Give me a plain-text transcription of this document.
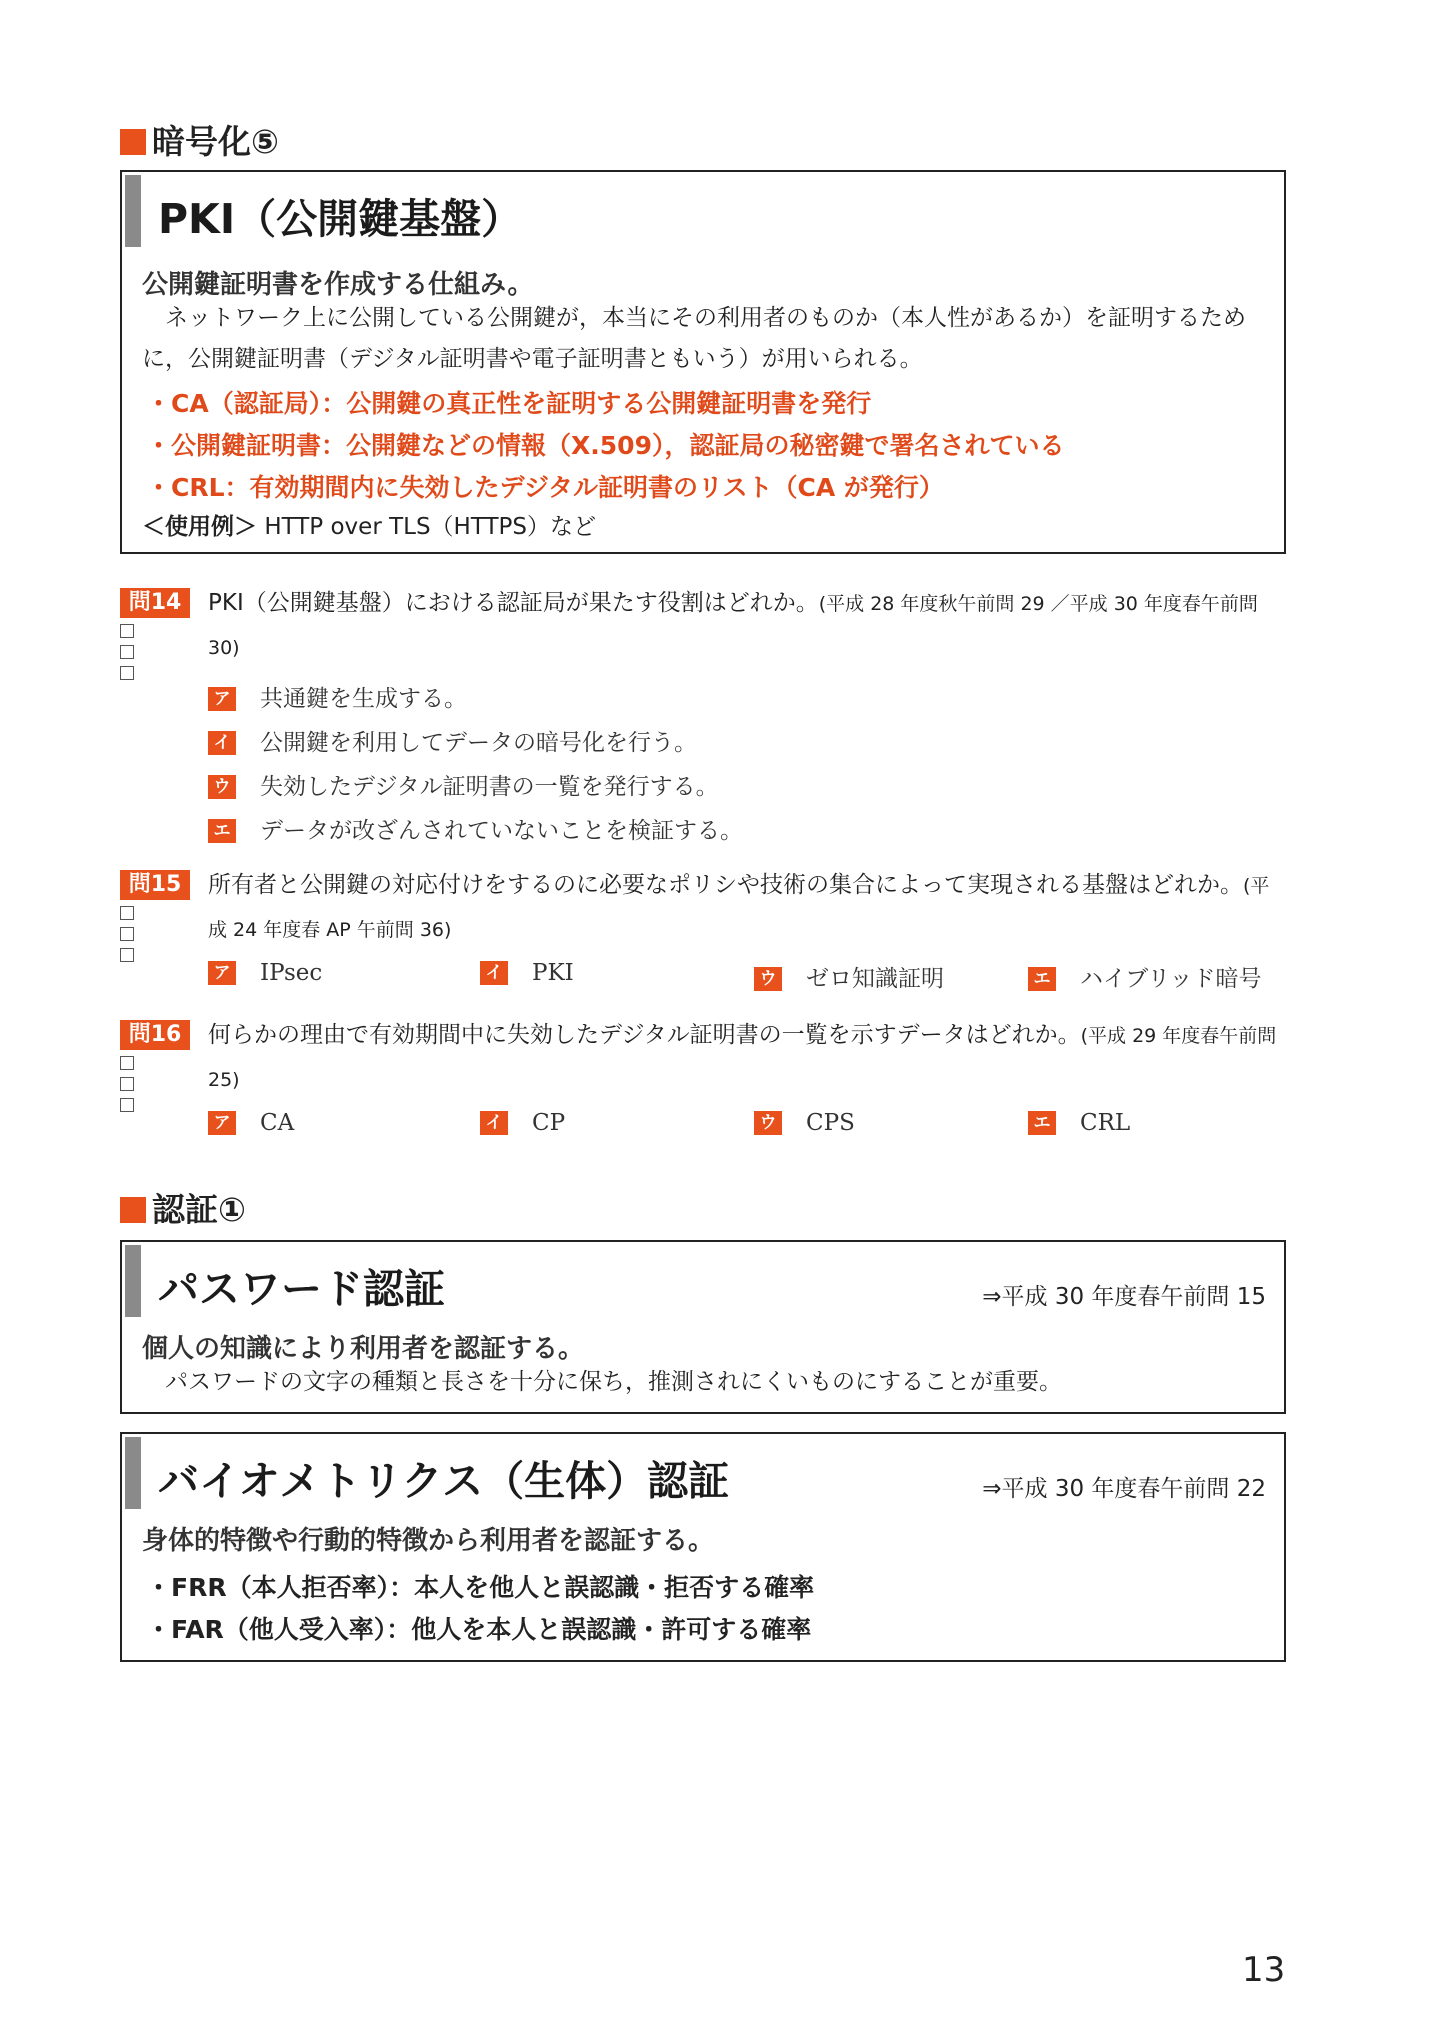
暗号化⑤
PKI（公開鍵基盤）
公開鍵証明書を作成する仕組み。
ネットワーク上に公開している公開鍵が，本当にその利用者のものか（本人性があるか）を証明するために，公開鍵証明書（デジタル証明書や電子証明書ともいう）が用いられる。
・CA（認証局）：公開鍵の真正性を証明する公開鍵証明書を発行
・公開鍵証明書：公開鍵などの情報（X.509），認証局の秘密鍵で署名されている
・CRL：有効期間内に失効したデジタル証明書のリスト（CA が発行）
＜使用例＞ HTTP over TLS（HTTPS）など
問14	PKI（公開鍵基盤）における認証局が果たす役割はどれか。(平成 28 年度秋午前問 29 ／平成 30 年度春午前問 30)
ア 共通鍵を生成する。
イ 公開鍵を利用してデータの暗号化を行う。
ウ 失効したデジタル証明書の一覧を発行する。
エ データが改ざんされていないことを検証する。
問15	所有者と公開鍵の対応付けをするのに必要なポリシや技術の集合によって実現される基盤はどれか。(平成 24 年度春 AP 午前問 36)
ア IPsec	イ PKI	ウ ゼロ知識証明	エ ハイブリッド暗号
問16	何らかの理由で有効期間中に失効したデジタル証明書の一覧を示すデータはどれか。(平成 29 年度春午前問 25)
ア CA	イ CP	ウ CPS	エ CRL
認証①
パスワード認証	⇒平成 30 年度春午前問 15
個人の知識により利用者を認証する。
パスワードの文字の種類と長さを十分に保ち，推測されにくいものにすることが重要。
バイオメトリクス（生体）認証	⇒平成 30 年度春午前問 22
身体的特徴や行動的特徴から利用者を認証する。
・FRR（本人拒否率）：本人を他人と誤認識・拒否する確率
・FAR（他人受入率）：他人を本人と誤認識・許可する確率
13
